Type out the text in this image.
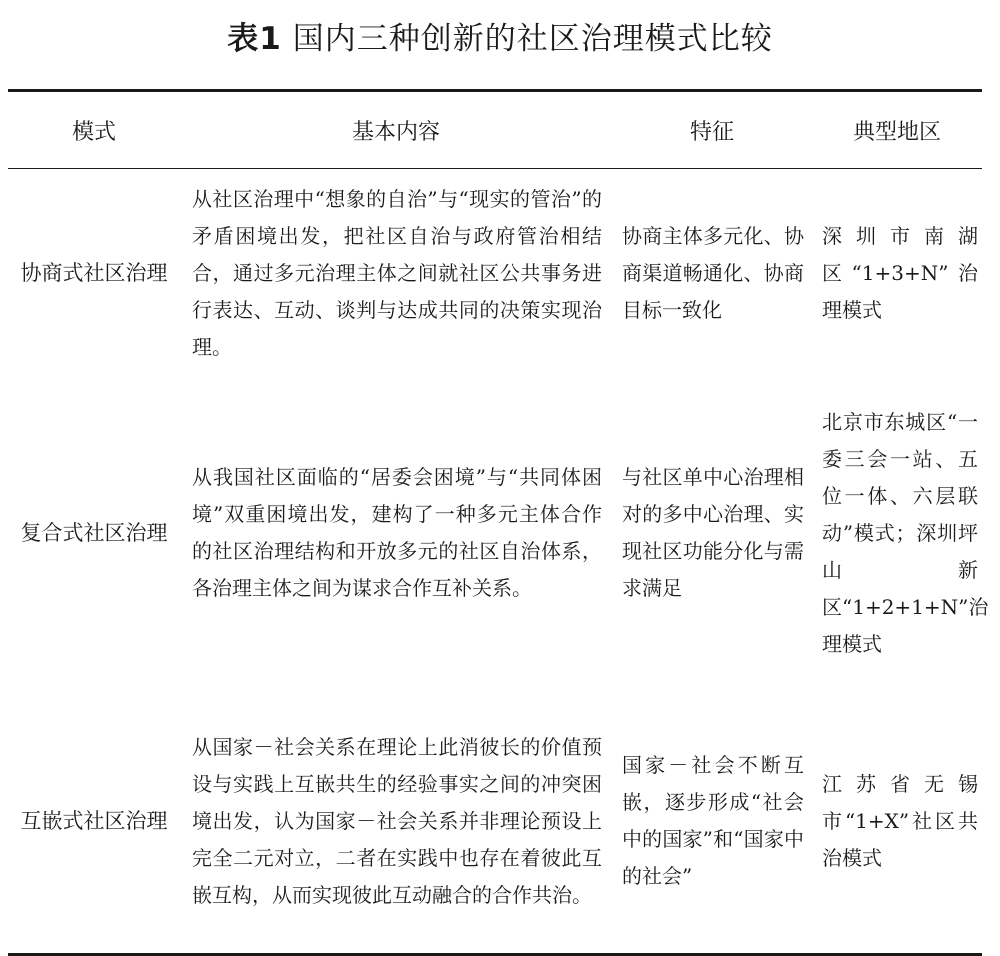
表1 国内三种创新的社区治理模式比较
模式	基本内容	特征	典型地区
协商式社区治理	从社区治理中“想象的自治”与“现实的管治”的矛盾困境出发，把社区自治与政府管治相结合，通过多元治理主体之间就社区公共事务进行表达、互动、谈判与达成共同的决策实现治理。	协商主体多元化、协商渠道畅通化、协商目标一致化	深圳市南湖区“1+3+N”治理模式
复合式社区治理	从我国社区面临的“居委会困境”与“共同体困境”双重困境出发，建构了一种多元主体合作的社区治理结构和开放多元的社区自治体系，各治理主体之间为谋求合作互补关系。	与社区单中心治理相对的多中心治理、实现社区功能分化与需求满足	北京市东城区“一委三会一站、五位一体、六层联动”模式；深圳坪山新区“1+2+1+N”治理模式
互嵌式社区治理	从国家－社会关系在理论上此消彼长的价值预设与实践上互嵌共生的经验事实之间的冲突困境出发，认为国家－社会关系并非理论预设上完全二元对立，二者在实践中也存在着彼此互嵌互构，从而实现彼此互动融合的合作共治。	国家－社会不断互嵌，逐步形成“社会中的国家”和“国家中的社会”	江苏省无锡市“1+X”社区共治模式
